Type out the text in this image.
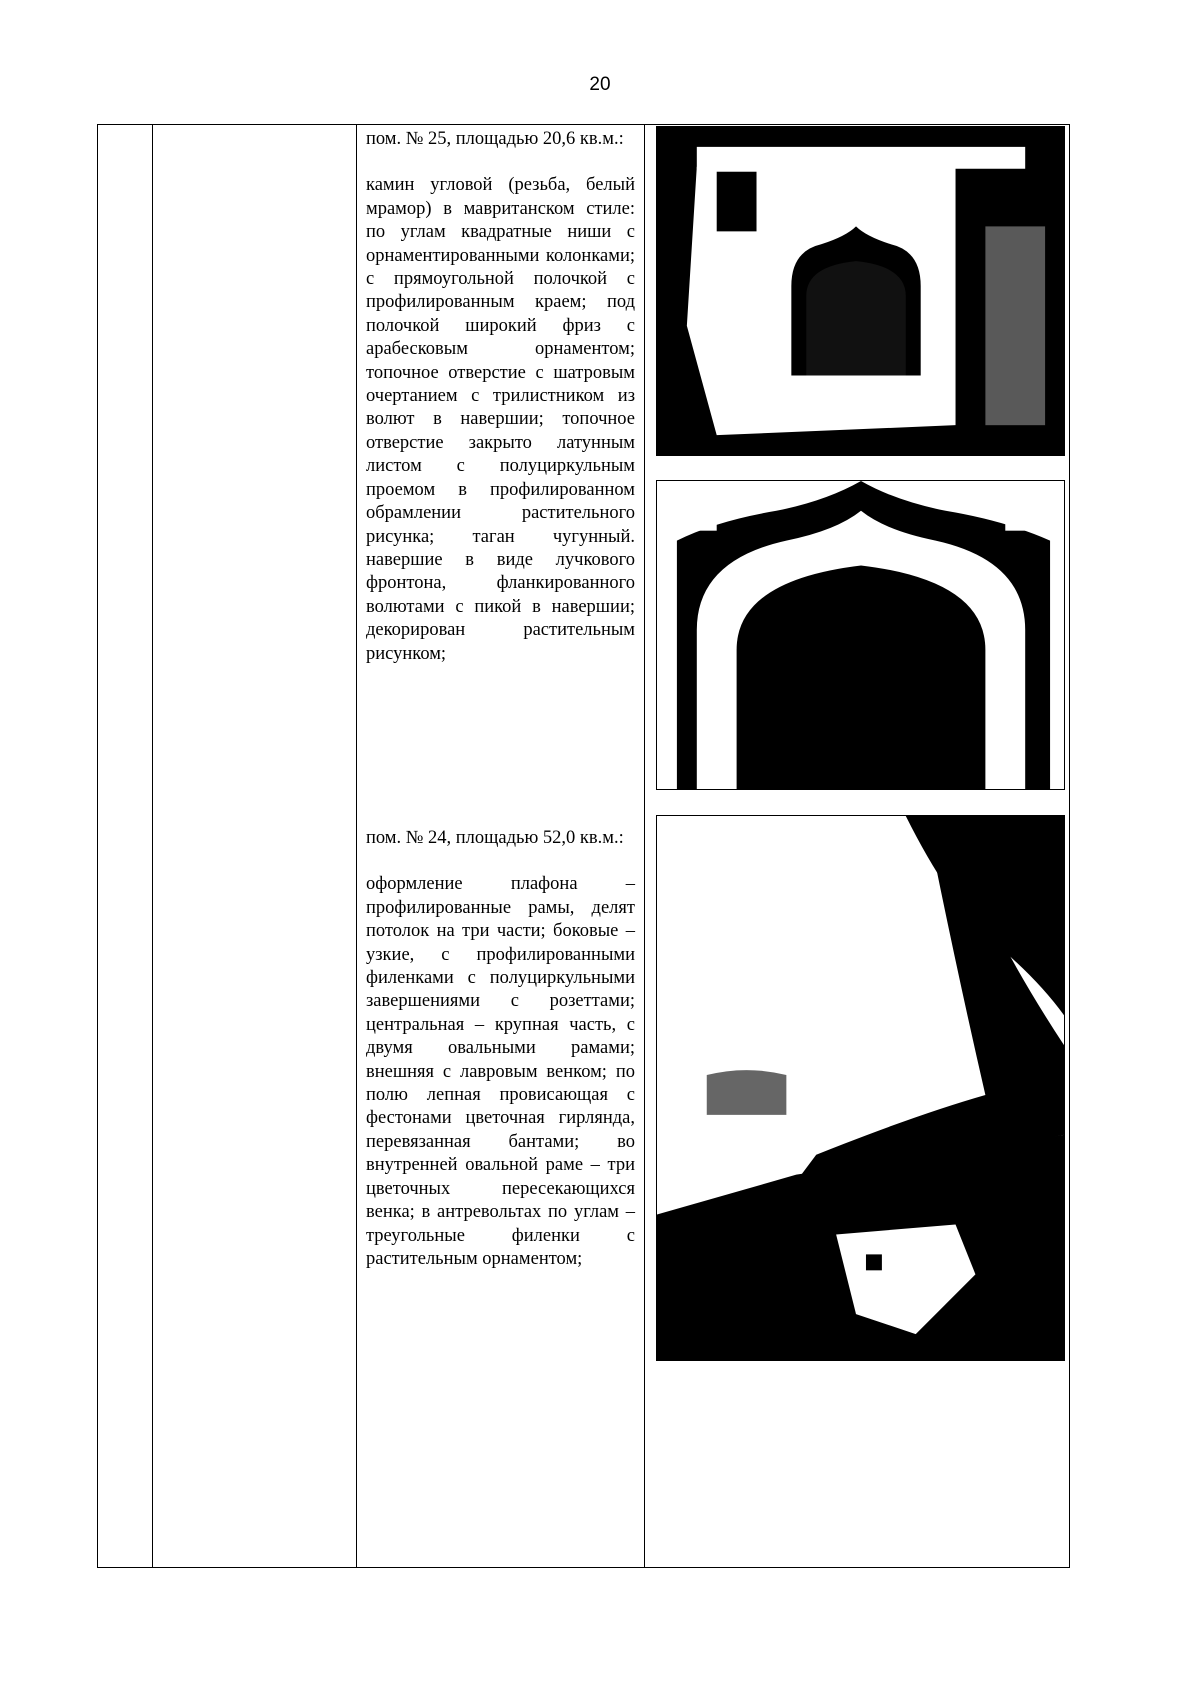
20

пом. № 25, площадью 20,6 кв.м.:

камин угловой (резьба, белый мрамор) в мавританском стиле: по углам квадратные ниши с орнаментированными колонками; с прямоугольной полочкой с профилированным краем; под полочкой широкий фриз с арабесковым орнаментом; топочное отверстие с шатровым очертанием с трилистником из волют в навершии; топочное отверстие закрыто латунным листом с полуциркульным проемом в профилированном обрамлении растительного рисунка; таган чугунный. навершие в виде лучкового фронтона, фланкированного волютами с пикой в навершии; декорирован растительным рисунком;

пом. № 24, площадью 52,0 кв.м.:

оформление плафона – профилированные рамы, делят потолок на три части; боковые – узкие, с профилированными филенками с полуциркульными завершениями с розеттами; центральная – крупная часть, с двумя овальными рамами; внешняя с лавровым венком; по полю лепная провисающая с фестонами цветочная гирлянда, перевязанная бантами; во внутренней овальной раме – три цветочных пересекающихся венка; в антревольтах по углам – треугольные филенки с растительным орнаментом;
